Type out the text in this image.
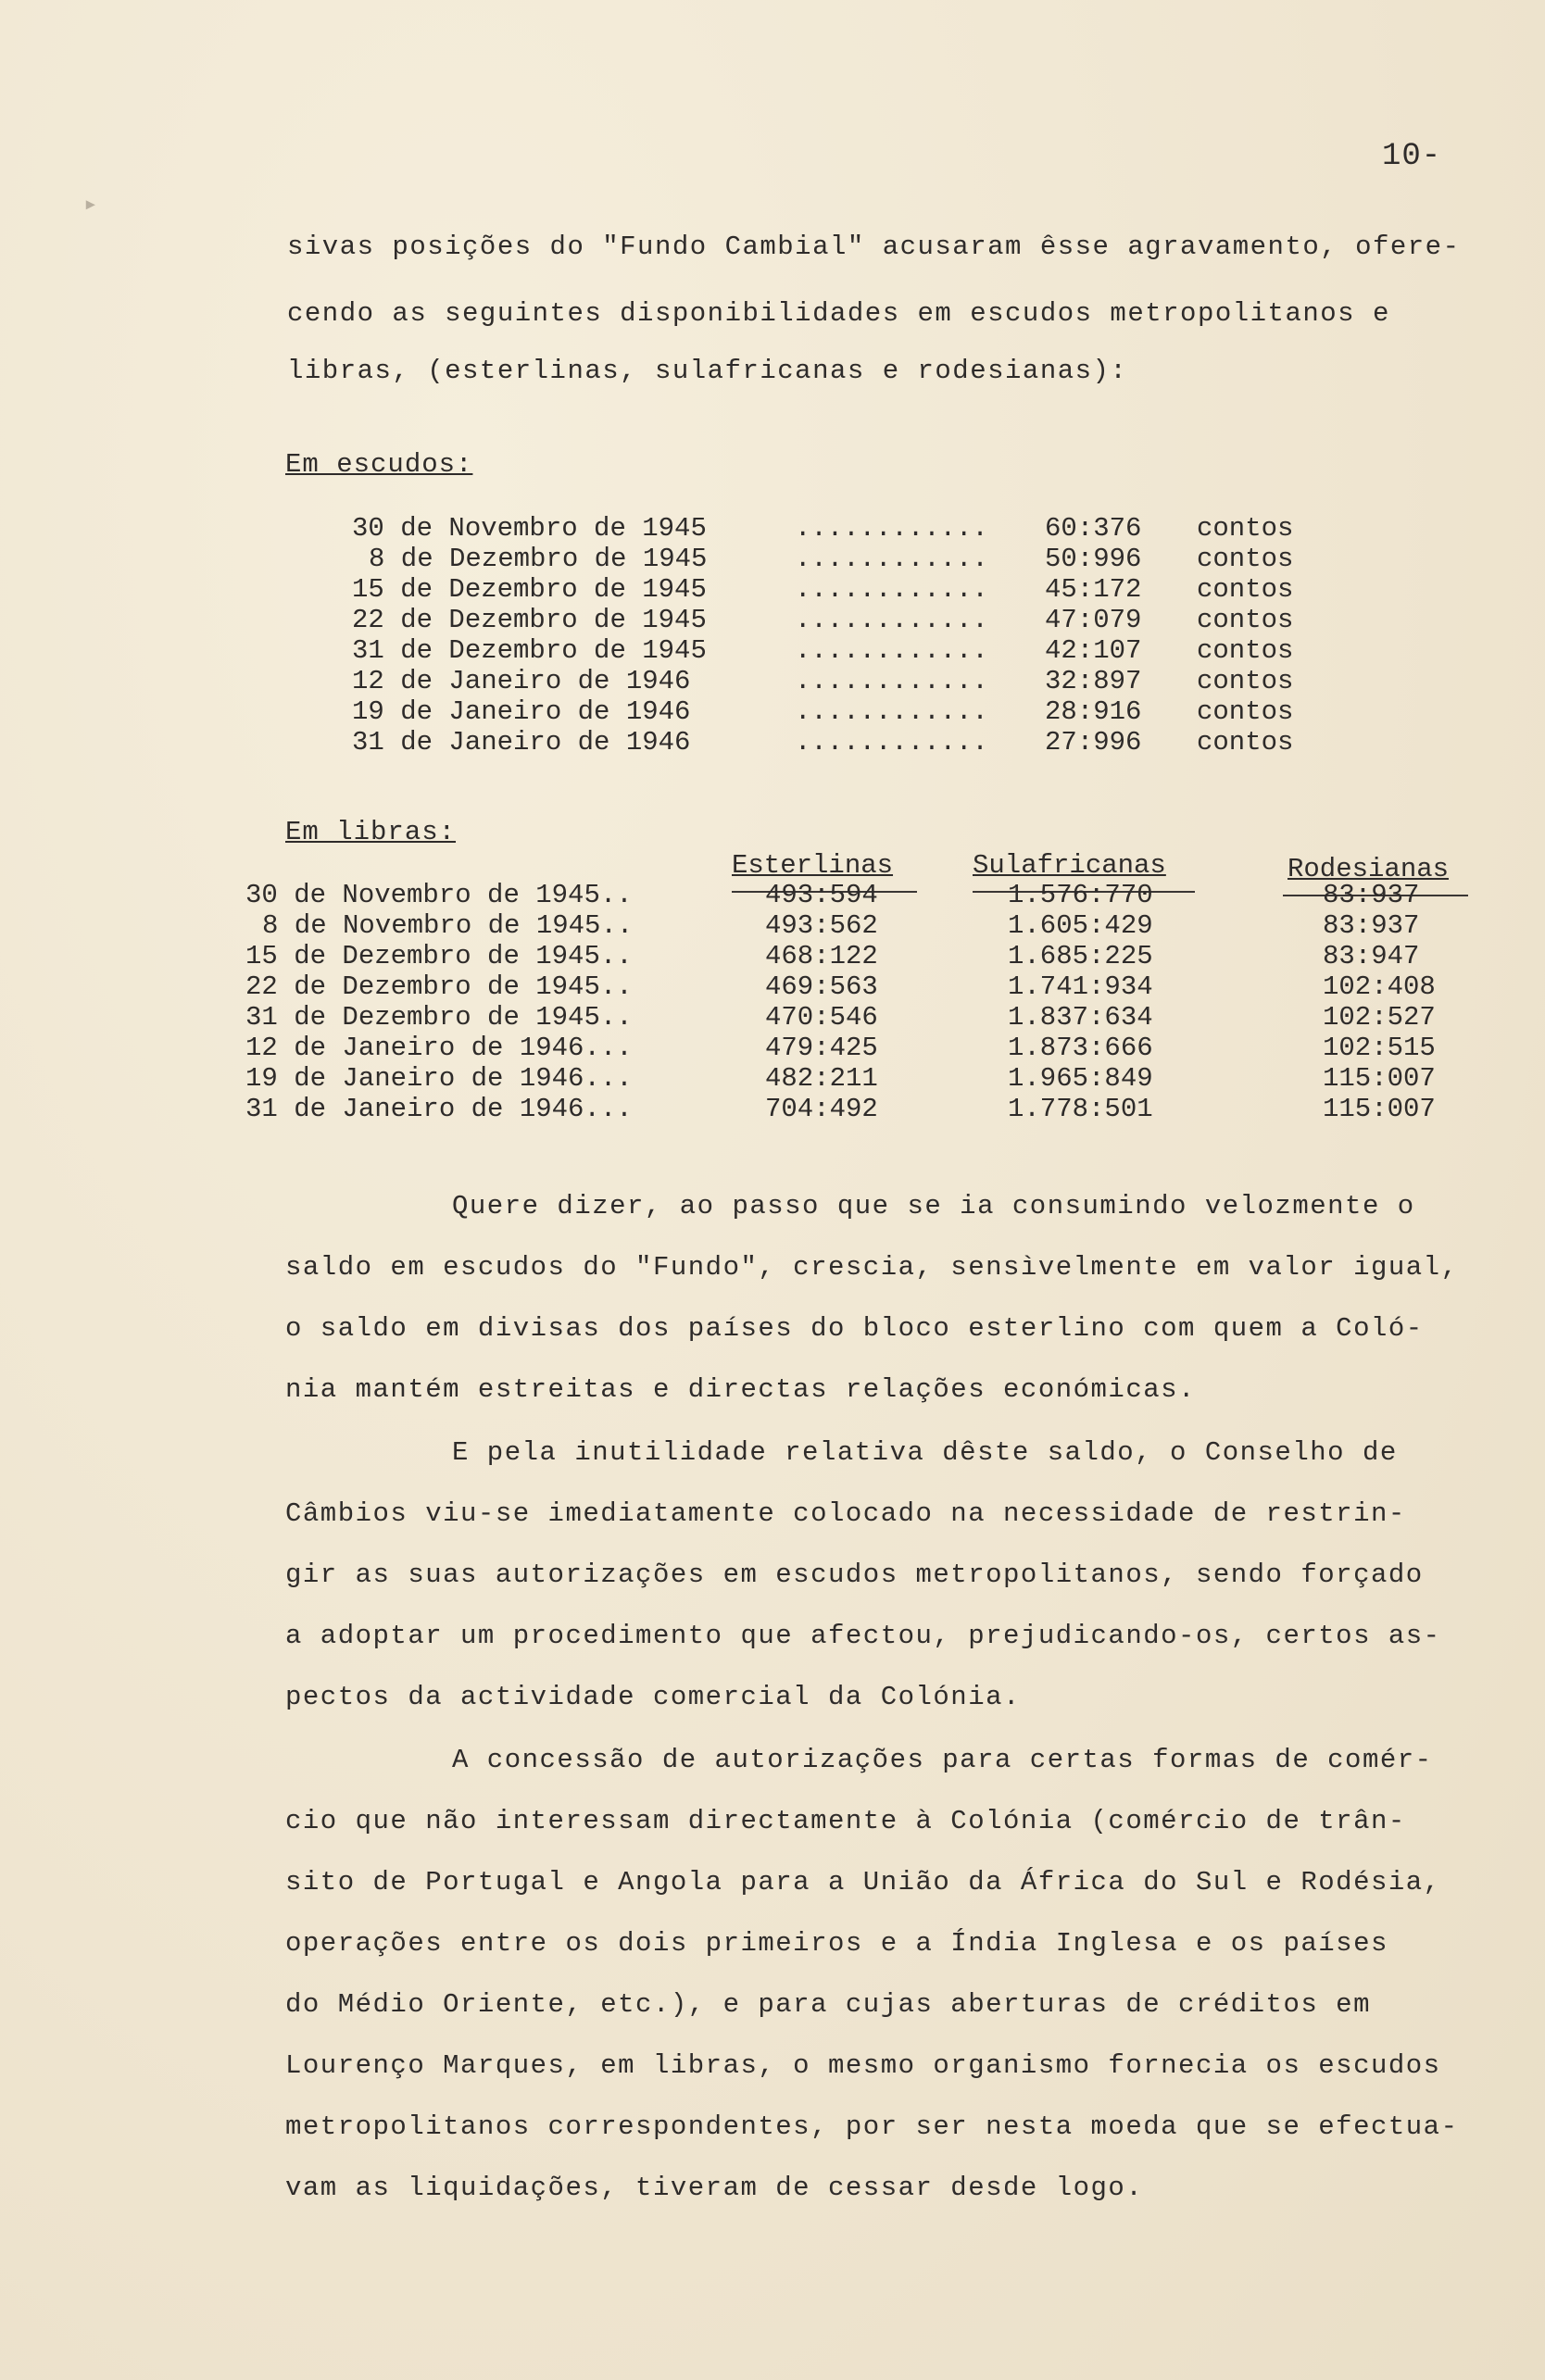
▸
10-
sivas posições do "Fundo Cambial" acusaram êsse agravamento, ofere-
cendo as seguintes disponibilidades em escudos metropolitanos e
libras, (esterlinas, sulafricanas e rodesianas):
Em escudos:
30 de Novembro de 1945	............ 60:376 contos
8 de Dezembro de 1945	............ 50:996 contos
15 de Dezembro de 1945	............ 45:172 contos
22 de Dezembro de 1945	............ 47:079 contos
31 de Dezembro de 1945	............ 42:107 contos
12 de Janeiro de 1946	............ 32:897 contos
19 de Janeiro de 1946	............ 28:916 contos
31 de Janeiro de 1946	............ 27:996 contos
Em libras:
Esterlinas	Sulafricanas	Rodesianas
30 de Novembro de 1945..	493:594	1.576:770	83:937
8 de Novembro de 1945..	493:562	1.605:429	83:937
15 de Dezembro de 1945..	468:122	1.685:225	83:947
22 de Dezembro de 1945..	469:563	1.741:934	102:408
31 de Dezembro de 1945..	470:546	1.837:634	102:527
12 de Janeiro de 1946...	479:425	1.873:666	102:515
19 de Janeiro de 1946...	482:211	1.965:849	115:007
31 de Janeiro de 1946...	704:492	1.778:501	115:007
Quere dizer, ao passo que se ia consumindo velozmente o
saldo em escudos do "Fundo", crescia, sensìvelmente em valor igual,
o saldo em divisas dos países do bloco esterlino com quem a Coló-
nia mantém estreitas e directas relações económicas.
E pela inutilidade relativa dêste saldo, o Conselho de
Câmbios viu-se imediatamente colocado na necessidade de restrin-
gir as suas autorizações em escudos metropolitanos, sendo forçado
a adoptar um procedimento que afectou, prejudicando-os, certos as-
pectos da actividade comercial da Colónia.
A concessão de autorizações para certas formas de comér-
cio que não interessam directamente à Colónia (comércio de trân-
sito de Portugal e Angola para a União da África do Sul e Rodésia,
operações entre os dois primeiros e a Índia Inglesa e os países
do Médio Oriente, etc.), e para cujas aberturas de créditos em
Lourenço Marques, em libras, o mesmo organismo fornecia os escudos
metropolitanos correspondentes, por ser nesta moeda que se efectua-
vam as liquidações, tiveram de cessar desde logo.
